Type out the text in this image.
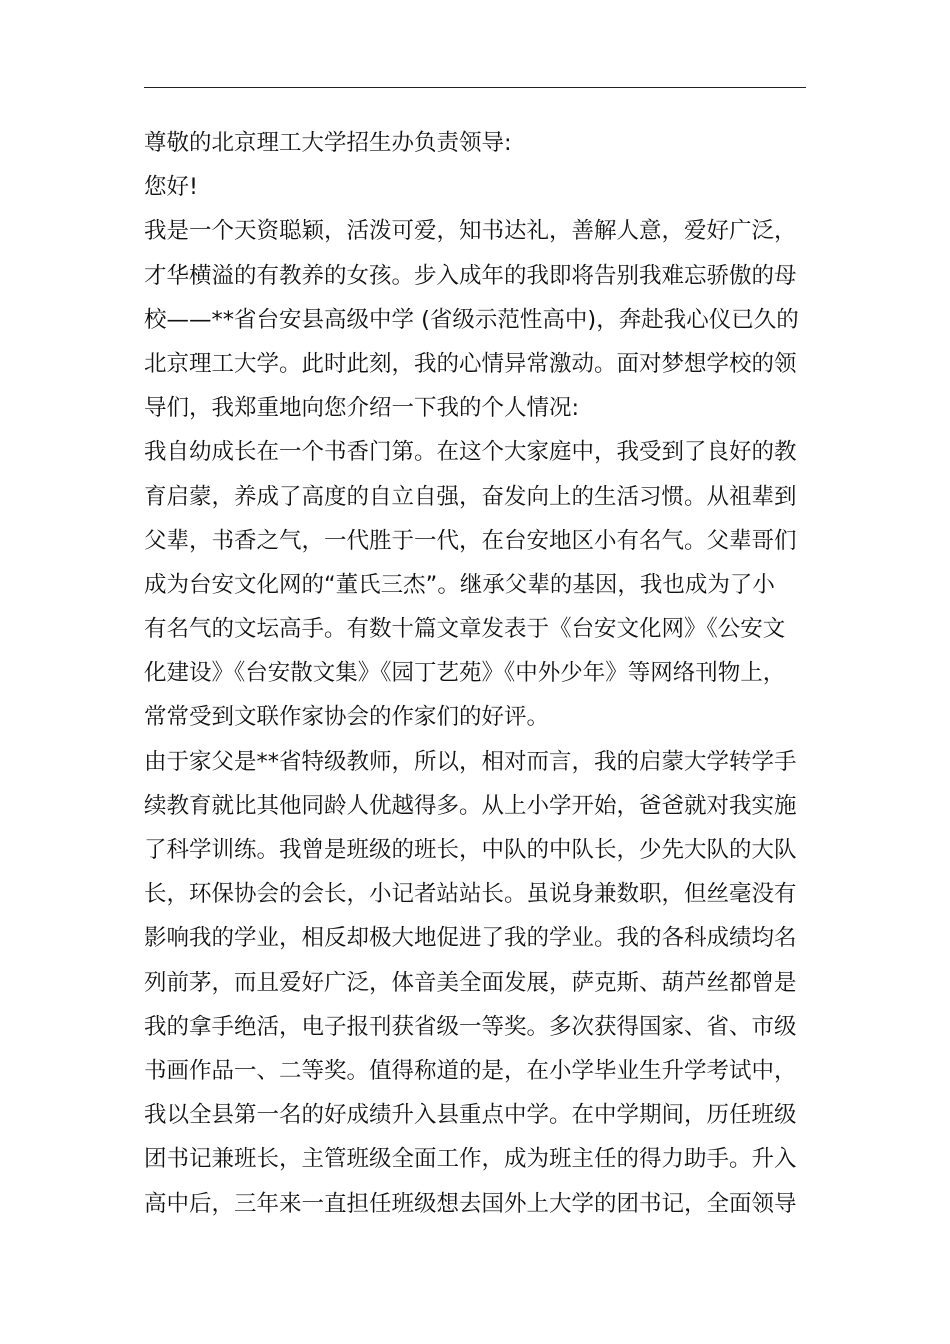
尊敬的北京理工大学招生办负责领导:
您好!
我是一个天资聪颖，活泼可爱，知书达礼，善解人意，爱好广泛，
才华横溢的有教养的女孩。步入成年的我即将告别我难忘骄傲的母
校——**省台安县高级中学 (省级示范性高中)，奔赴我心仪已久的
北京理工大学。此时此刻，我的心情异常激动。面对梦想学校的领
导们，我郑重地向您介绍一下我的个人情况:
我自幼成长在一个书香门第。在这个大家庭中，我受到了良好的教
育启蒙，养成了高度的自立自强，奋发向上的生活习惯。从祖辈到
父辈，书香之气，一代胜于一代，在台安地区小有名气。父辈哥们
成为台安文化网的“董氏三杰”。继承父辈的基因，我也成为了小
有名气的文坛高手。有数十篇文章发表于《台安文化网》《公安文
化建设》《台安散文集》《园丁艺苑》《中外少年》等网络刊物上，
常常受到文联作家协会的作家们的好评。
由于家父是**省特级教师，所以，相对而言，我的启蒙大学转学手
续教育就比其他同龄人优越得多。从上小学开始，爸爸就对我实施
了科学训练。我曾是班级的班长，中队的中队长，少先大队的大队
长，环保协会的会长，小记者站站长。虽说身兼数职，但丝毫没有
影响我的学业，相反却极大地促进了我的学业。我的各科成绩均名
列前茅，而且爱好广泛，体音美全面发展，萨克斯、葫芦丝都曾是
我的拿手绝活，电子报刊获省级一等奖。多次获得国家、省、市级
书画作品一、二等奖。值得称道的是，在小学毕业生升学考试中，
我以全县第一名的好成绩升入县重点中学。在中学期间，历任班级
团书记兼班长，主管班级全面工作，成为班主任的得力助手。升入
高中后，三年来一直担任班级想去国外上大学的团书记，全面领导
